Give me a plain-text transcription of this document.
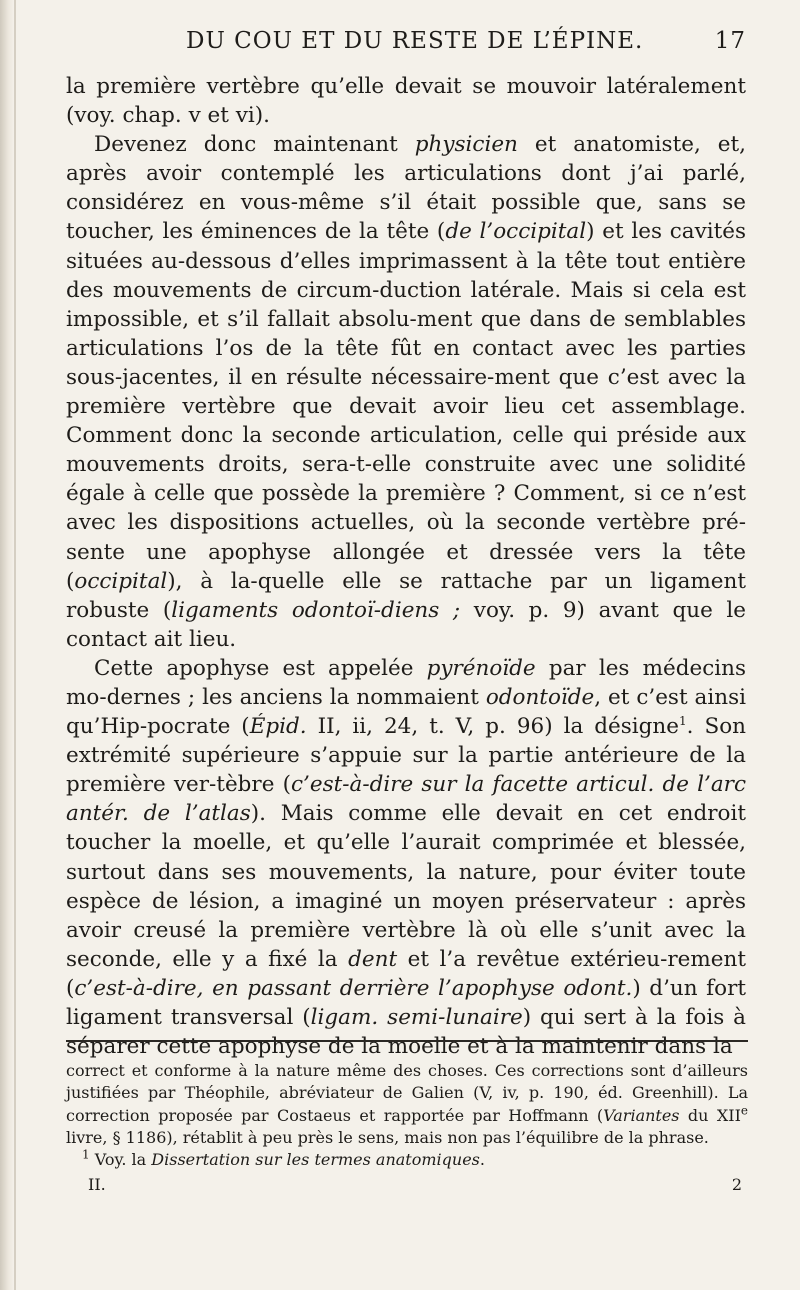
DU COU ET DU RESTE DE L’ÉPINE.	17

la première vertèbre qu’elle devait se mouvoir latéralement (voy. chap. v et vi).

Devenez donc maintenant physicien et anatomiste, et, après avoir contemplé les articulations dont j’ai parlé, considérez en vous-même s’il était possible que, sans se toucher, les éminences de la tête (de l’occipital) et les cavités situées au-dessous d’elles imprimassent à la tête tout entière des mouvements de circum-duction latérale. Mais si cela est impossible, et s’il fallait absolu-ment que dans de semblables articulations l’os de la tête fût en contact avec les parties sous-jacentes, il en résulte nécessaire-ment que c’est avec la première vertèbre que devait avoir lieu cet assemblage. Comment donc la seconde articulation, celle qui préside aux mouvements droits, sera-t-elle construite avec une solidité égale à celle que possède la première ? Comment, si ce n’est avec les dispositions actuelles, où la seconde vertèbre pré-sente une apophyse allongée et dressée vers la tête (occipital), à la-quelle elle se rattache par un ligament robuste (ligaments odontoï-diens ; voy. p. 9) avant que le contact ait lieu.

Cette apophyse est appelée pyrénoïde par les médecins mo-dernes ; les anciens la nommaient odontoïde, et c’est ainsi qu’Hip-pocrate (Épid. II, ii, 24, t. V, p. 96) la désigne$^1$. Son extrémité supérieure s’appuie sur la partie antérieure de la première ver-tèbre (c’est-à-dire sur la facette articul. de l’arc antér. de l’atlas). Mais comme elle devait en cet endroit toucher la moelle, et qu’elle l’aurait comprimée et blessée, surtout dans ses mouvements, la nature, pour éviter toute espèce de lésion, a imaginé un moyen préservateur : après avoir creusé la première vertèbre là où elle s’unit avec la seconde, elle y a fixé la dent et l’a revêtue extérieu-rement (c’est-à-dire, en passant derrière l’apophyse odont.) d’un fort ligament transversal (ligam. semi-lunaire) qui sert à la fois à séparer cette apophyse de la moelle et à la maintenir dans la

correct et conforme à la nature même des choses. Ces corrections sont d’ailleurs justifiées par Théophile, abréviateur de Galien (V, iv, p. 190, éd. Greenhill). La correction proposée par Costaeus et rapportée par Hoffmann (Variantes du XIIe livre, § 1186), rétablit à peu près le sens, mais non pas l’équilibre de la phrase.

$^1$ Voy. la Dissertation sur les termes anatomiques.

II.	2
